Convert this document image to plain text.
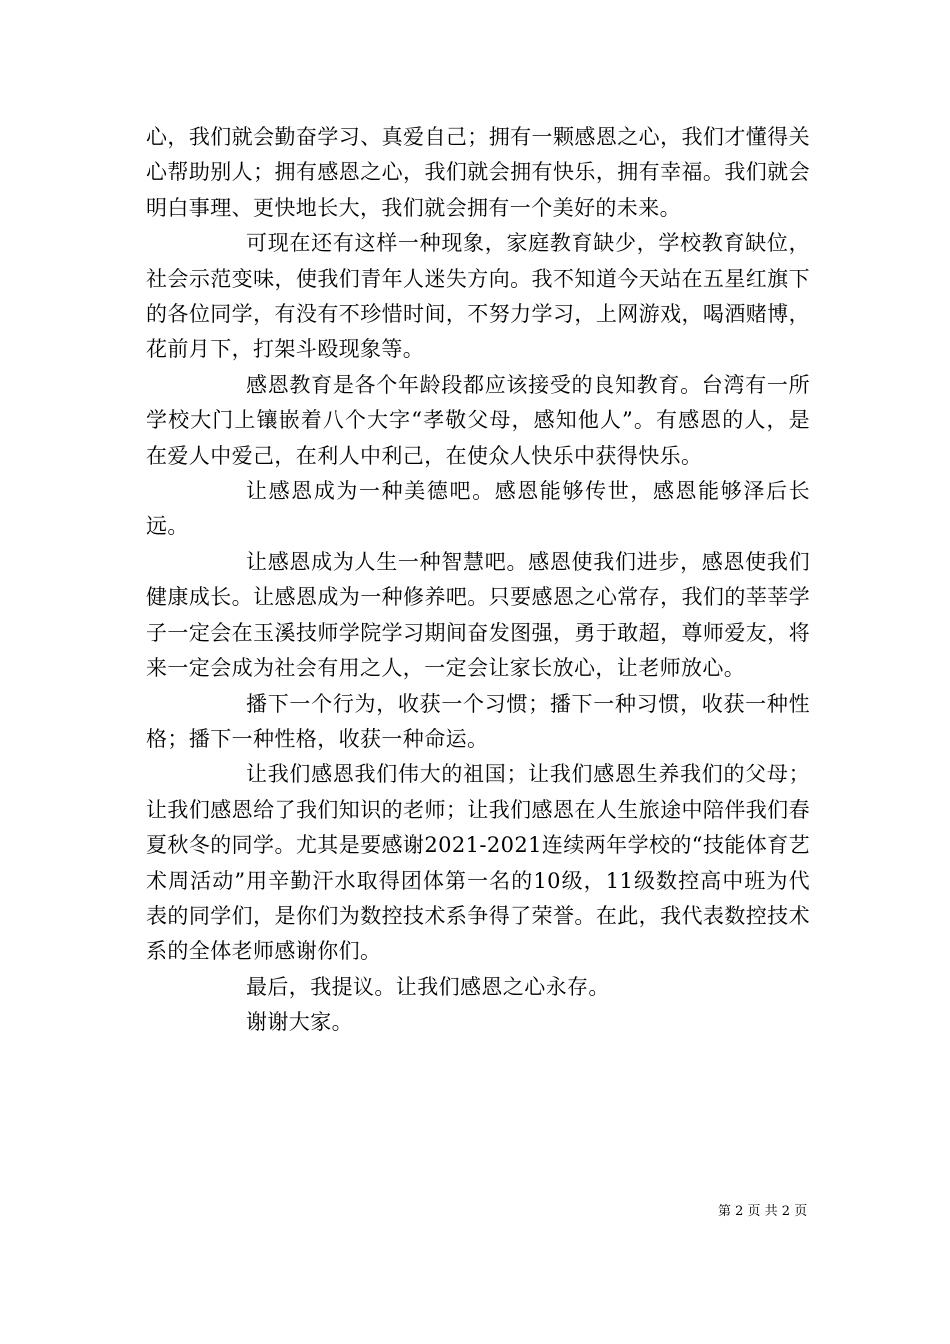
心，我们就会勤奋学习、真爱自己；拥有一颗感恩之心，我们才懂得关心帮助别人；拥有感恩之心，我们就会拥有快乐，拥有幸福。我们就会明白事理、更快地长大，我们就会拥有一个美好的未来。

可现在还有这样一种现象，家庭教育缺少，学校教育缺位，社会示范变味，使我们青年人迷失方向。我不知道今天站在五星红旗下的各位同学，有没有不珍惜时间，不努力学习，上网游戏，喝酒赌博，花前月下，打架斗殴现象等。

感恩教育是各个年龄段都应该接受的良知教育。台湾有一所学校大门上镶嵌着八个大字“孝敬父母，感知他人”。有感恩的人，是在爱人中爱己，在利人中利己，在使众人快乐中获得快乐。

让感恩成为一种美德吧。感恩能够传世，感恩能够泽后长远。

让感恩成为人生一种智慧吧。感恩使我们进步，感恩使我们健康成长。让感恩成为一种修养吧。只要感恩之心常存，我们的莘莘学子一定会在玉溪技师学院学习期间奋发图强，勇于敢超，尊师爱友，将来一定会成为社会有用之人，一定会让家长放心，让老师放心。

播下一个行为，收获一个习惯；播下一种习惯，收获一种性格；播下一种性格，收获一种命运。

让我们感恩我们伟大的祖国；让我们感恩生养我们的父母；让我们感恩给了我们知识的老师；让我们感恩在人生旅途中陪伴我们春夏秋冬的同学。尤其是要感谢2021-2021连续两年学校的“技能体育艺术周活动”用辛勤汗水取得团体第一名的10级，11级数控高中班为代表的同学们，是你们为数控技术系争得了荣誉。在此，我代表数控技术系的全体老师感谢你们。

最后，我提议。让我们感恩之心永存。

谢谢大家。

第 2 页 共 2 页
